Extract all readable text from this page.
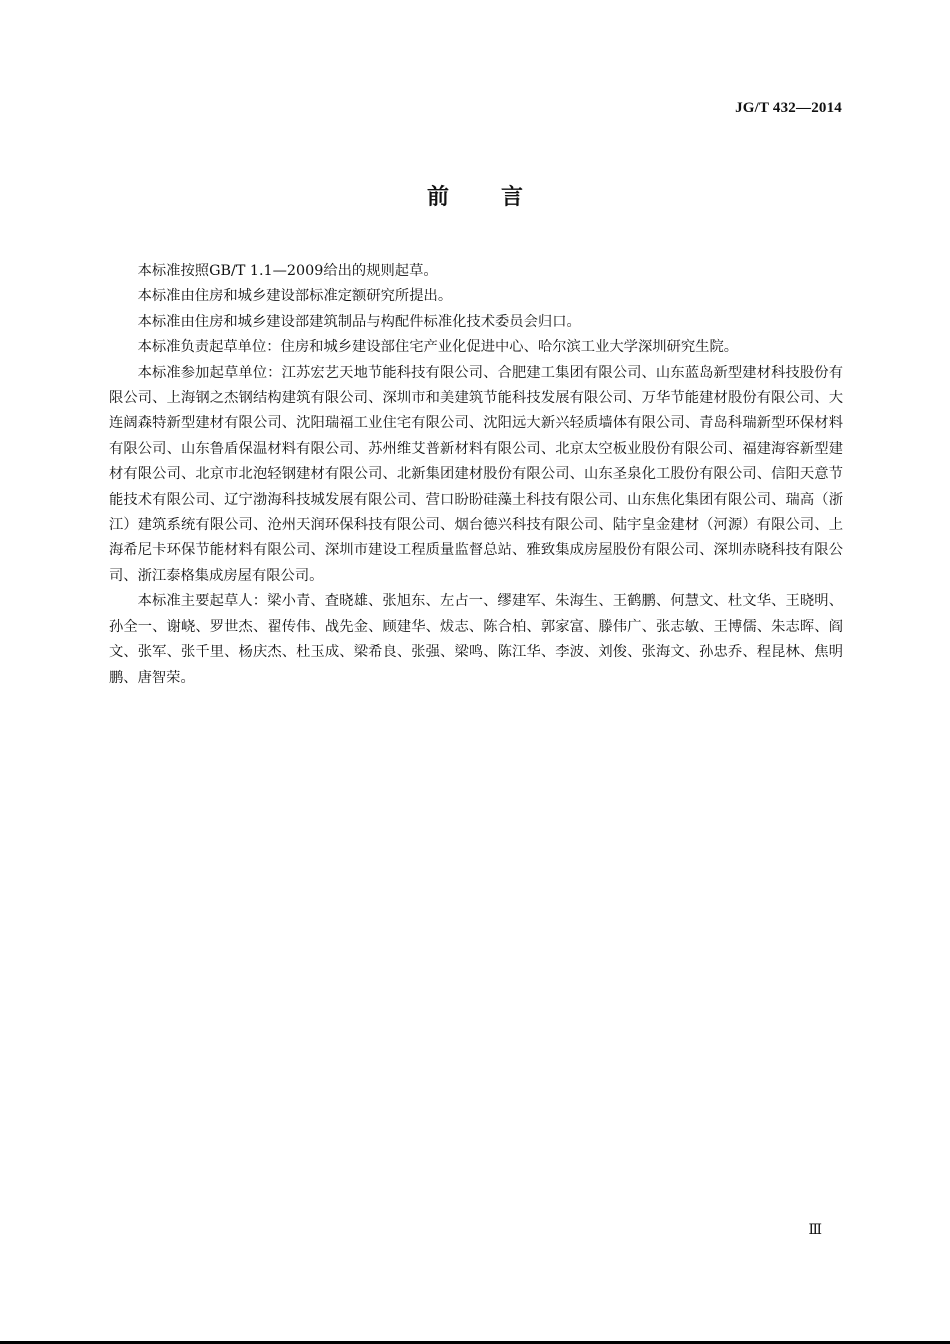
JG/T 432—2014
前言

本标准按照GB/T 1.1—2009给出的规则起草。

本标准由住房和城乡建设部标准定额研究所提出。

本标准由住房和城乡建设部建筑制品与构配件标准化技术委员会归口。

本标准负责起草单位：住房和城乡建设部住宅产业化促进中心、哈尔滨工业大学深圳研究生院。

本标准参加起草单位：江苏宏艺天地节能科技有限公司、合肥建工集团有限公司、山东蓝岛新型建材科技股份有限公司、上海钢之杰钢结构建筑有限公司、深圳市和美建筑节能科技发展有限公司、万华节能建材股份有限公司、大连阔森特新型建材有限公司、沈阳瑞福工业住宅有限公司、沈阳远大新兴轻质墙体有限公司、青岛科瑞新型环保材料有限公司、山东鲁盾保温材料有限公司、苏州维艾普新材料有限公司、北京太空板业股份有限公司、福建海容新型建材有限公司、北京市北泡轻钢建材有限公司、北新集团建材股份有限公司、山东圣泉化工股份有限公司、信阳天意节能技术有限公司、辽宁渤海科技城发展有限公司、营口盼盼硅藻土科技有限公司、山东焦化集团有限公司、瑞高（浙江）建筑系统有限公司、沧州天润环保科技有限公司、烟台德兴科技有限公司、陆宇皇金建材（河源）有限公司、上海希尼卡环保节能材料有限公司、深圳市建设工程质量监督总站、雅致集成房屋股份有限公司、深圳赤晓科技有限公司、浙江泰格集成房屋有限公司。

本标准主要起草人：梁小青、査晓雄、张旭东、左占一、缪建军、朱海生、王鹤鹏、何慧文、杜文华、王晓明、孙全一、谢峣、罗世杰、翟传伟、战先金、顾建华、炦志、陈合柏、郭家富、滕伟广、张志敏、王博儒、朱志晖、阎文、张军、张千里、杨庆杰、杜玉成、梁希良、张强、梁鸣、陈江华、李波、刘俊、张海文、孙忠乔、程昆林、焦明鹏、唐智荣。

Ⅲ
